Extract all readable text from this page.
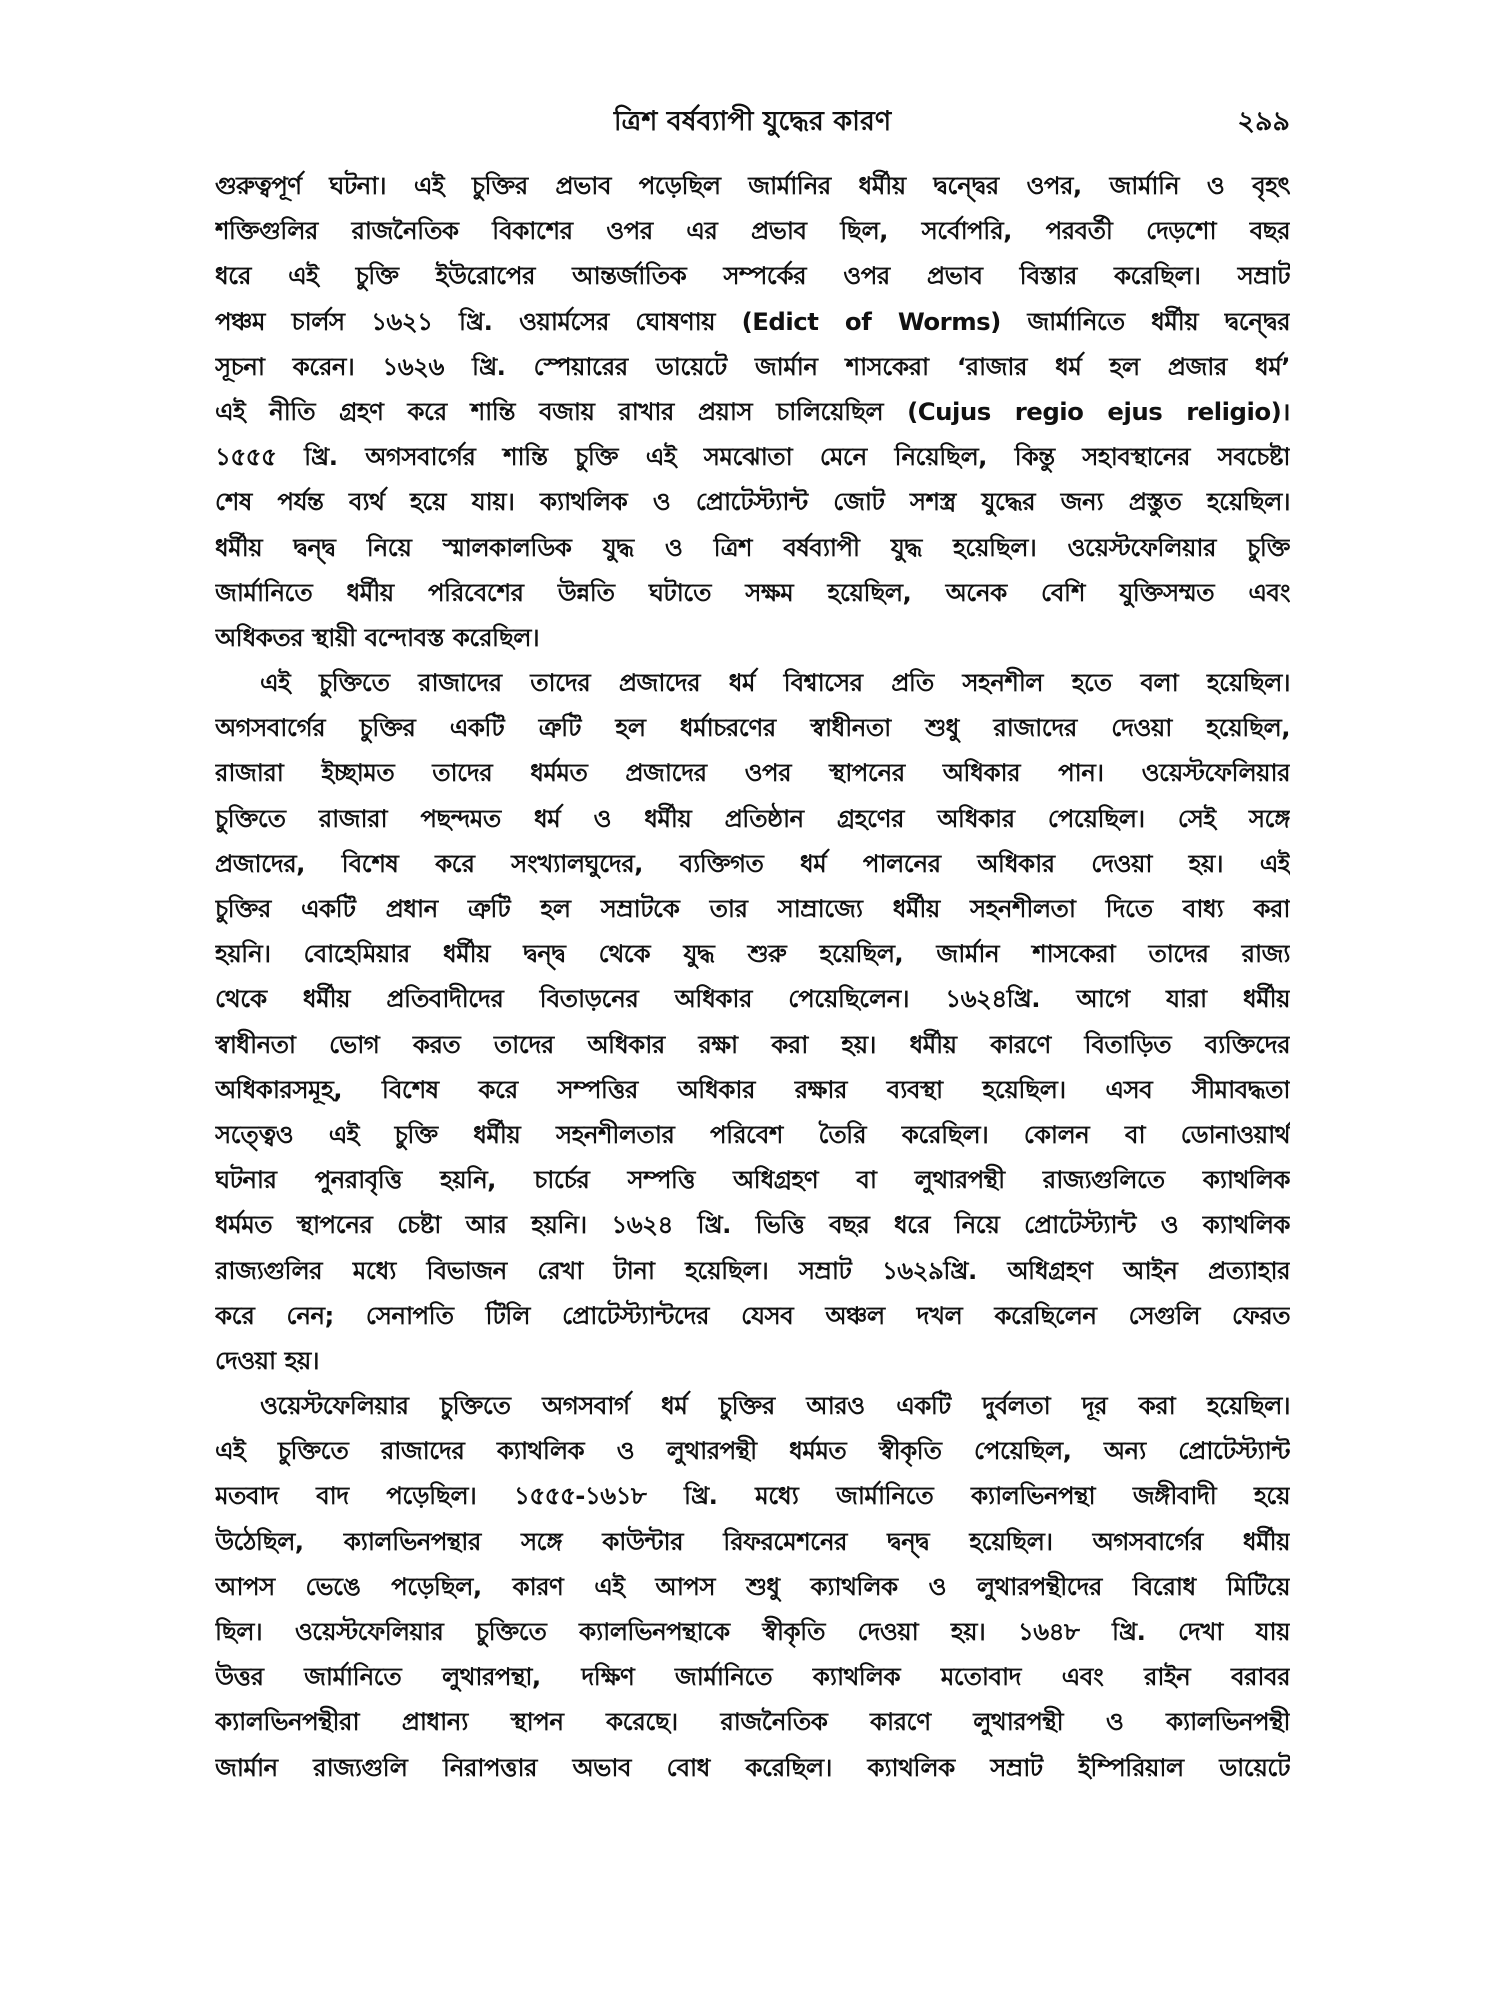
ত্রিশ বর্ষব্যাপী যুদ্ধের কারণ	২৯৯
গুরুত্বপূর্ণ ঘটনা। এই চুক্তির প্রভাব পড়েছিল জার্মানির ধর্মীয় দ্বন্দ্বের ওপর, জার্মানি ও বৃহৎ
শক্তিগুলির রাজনৈতিক বিকাশের ওপর এর প্রভাব ছিল, সর্বোপরি, পরবর্তী দেড়শো বছর
ধরে এই চুক্তি ইউরোপের আন্তর্জাতিক সম্পর্কের ওপর প্রভাব বিস্তার করেছিল। সম্রাট
পঞ্চম চার্লস ১৬২১ খ্রি. ওয়ার্মসের ঘোষণায় (Edict of Worms) জার্মানিতে ধর্মীয় দ্বন্দ্বের
সূচনা করেন। ১৬২৬ খ্রি. স্পেয়ারের ডায়েটে জার্মান শাসকেরা ‘রাজার ধর্ম হল প্রজার ধর্ম’
এই নীতি গ্রহণ করে শান্তি বজায় রাখার প্রয়াস চালিয়েছিল (Cujus regio ejus religio)।
১৫৫৫ খ্রি. অগসবার্গের শান্তি চুক্তি এই সমঝোতা মেনে নিয়েছিল, কিন্তু সহাবস্থানের সবচেষ্টা
শেষ পর্যন্ত ব্যর্থ হয়ে যায়। ক্যাথলিক ও প্রোটেস্ট্যান্ট জোট সশস্ত্র যুদ্ধের জন্য প্রস্তুত হয়েছিল।
ধর্মীয় দ্বন্দ্ব নিয়ে স্মালকালডিক যুদ্ধ ও ত্রিশ বর্ষব্যাপী যুদ্ধ হয়েছিল। ওয়েস্টফেলিয়ার চুক্তি
জার্মানিতে ধর্মীয় পরিবেশের উন্নতি ঘটাতে সক্ষম হয়েছিল, অনেক বেশি যুক্তিসম্মত এবং
অধিকতর স্থায়ী বন্দোবস্ত করেছিল।
এই চুক্তিতে রাজাদের তাদের প্রজাদের ধর্ম বিশ্বাসের প্রতি সহনশীল হতে বলা হয়েছিল।
অগসবার্গের চুক্তির একটি ত্রুটি হল ধর্মাচরণের স্বাধীনতা শুধু রাজাদের দেওয়া হয়েছিল,
রাজারা ইচ্ছামত তাদের ধর্মমত প্রজাদের ওপর স্থাপনের অধিকার পান। ওয়েস্টফেলিয়ার
চুক্তিতে রাজারা পছন্দমত ধর্ম ও ধর্মীয় প্রতিষ্ঠান গ্রহণের অধিকার পেয়েছিল। সেই সঙ্গে
প্রজাদের, বিশেষ করে সংখ্যালঘুদের, ব্যক্তিগত ধর্ম পালনের অধিকার দেওয়া হয়। এই
চুক্তির একটি প্রধান ত্রুটি হল সম্রাটকে তার সাম্রাজ্যে ধর্মীয় সহনশীলতা দিতে বাধ্য করা
হয়নি। বোহেমিয়ার ধর্মীয় দ্বন্দ্ব থেকে যুদ্ধ শুরু হয়েছিল, জার্মান শাসকেরা তাদের রাজ্য
থেকে ধর্মীয় প্রতিবাদীদের বিতাড়নের অধিকার পেয়েছিলেন। ১৬২৪খ্রি. আগে যারা ধর্মীয়
স্বাধীনতা ভোগ করত তাদের অধিকার রক্ষা করা হয়। ধর্মীয় কারণে বিতাড়িত ব্যক্তিদের
অধিকারসমূহ, বিশেষ করে সম্পত্তির অধিকার রক্ষার ব্যবস্থা হয়েছিল। এসব সীমাবদ্ধতা
সত্ত্বেও এই চুক্তি ধর্মীয় সহনশীলতার পরিবেশ তৈরি করেছিল। কোলন বা ডোনাওয়ার্থ
ঘটনার পুনরাবৃত্তি হয়নি, চার্চের সম্পত্তি অধিগ্রহণ বা লুথারপন্থী রাজ্যগুলিতে ক্যাথলিক
ধর্মমত স্থাপনের চেষ্টা আর হয়নি। ১৬২৪ খ্রি. ভিত্তি বছর ধরে নিয়ে প্রোটেস্ট্যান্ট ও ক্যাথলিক
রাজ্যগুলির মধ্যে বিভাজন রেখা টানা হয়েছিল। সম্রাট ১৬২৯খ্রি. অধিগ্রহণ আইন প্রত্যাহার
করে নেন; সেনাপতি টিলি প্রোটেস্ট্যান্টদের যেসব অঞ্চল দখল করেছিলেন সেগুলি ফেরত
দেওয়া হয়।
ওয়েস্টফেলিয়ার চুক্তিতে অগসবার্গ ধর্ম চুক্তির আরও একটি দুর্বলতা দূর করা হয়েছিল।
এই চুক্তিতে রাজাদের ক্যাথলিক ও লুথারপন্থী ধর্মমত স্বীকৃতি পেয়েছিল, অন্য প্রোটেস্ট্যান্ট
মতবাদ বাদ পড়েছিল। ১৫৫৫-১৬১৮ খ্রি. মধ্যে জার্মানিতে ক্যালভিনপন্থা জঙ্গীবাদী হয়ে
উঠেছিল, ক্যালভিনপন্থার সঙ্গে কাউন্টার রিফরমেশনের দ্বন্দ্ব হয়েছিল। অগসবার্গের ধর্মীয়
আপস ভেঙে পড়েছিল, কারণ এই আপস শুধু ক্যাথলিক ও লুথারপন্থীদের বিরোধ মিটিয়ে
ছিল। ওয়েস্টফেলিয়ার চুক্তিতে ক্যালভিনপন্থাকে স্বীকৃতি দেওয়া হয়। ১৬৪৮ খ্রি. দেখা যায়
উত্তর জার্মানিতে লুথারপন্থা, দক্ষিণ জার্মানিতে ক্যাথলিক মতোবাদ এবং রাইন বরাবর
ক্যালভিনপন্থীরা প্রাধান্য স্থাপন করেছে। রাজনৈতিক কারণে লুথারপন্থী ও ক্যালভিনপন্থী
জার্মান রাজ্যগুলি নিরাপত্তার অভাব বোধ করেছিল। ক্যাথলিক সম্রাট ইম্পিরিয়াল ডায়েটে
